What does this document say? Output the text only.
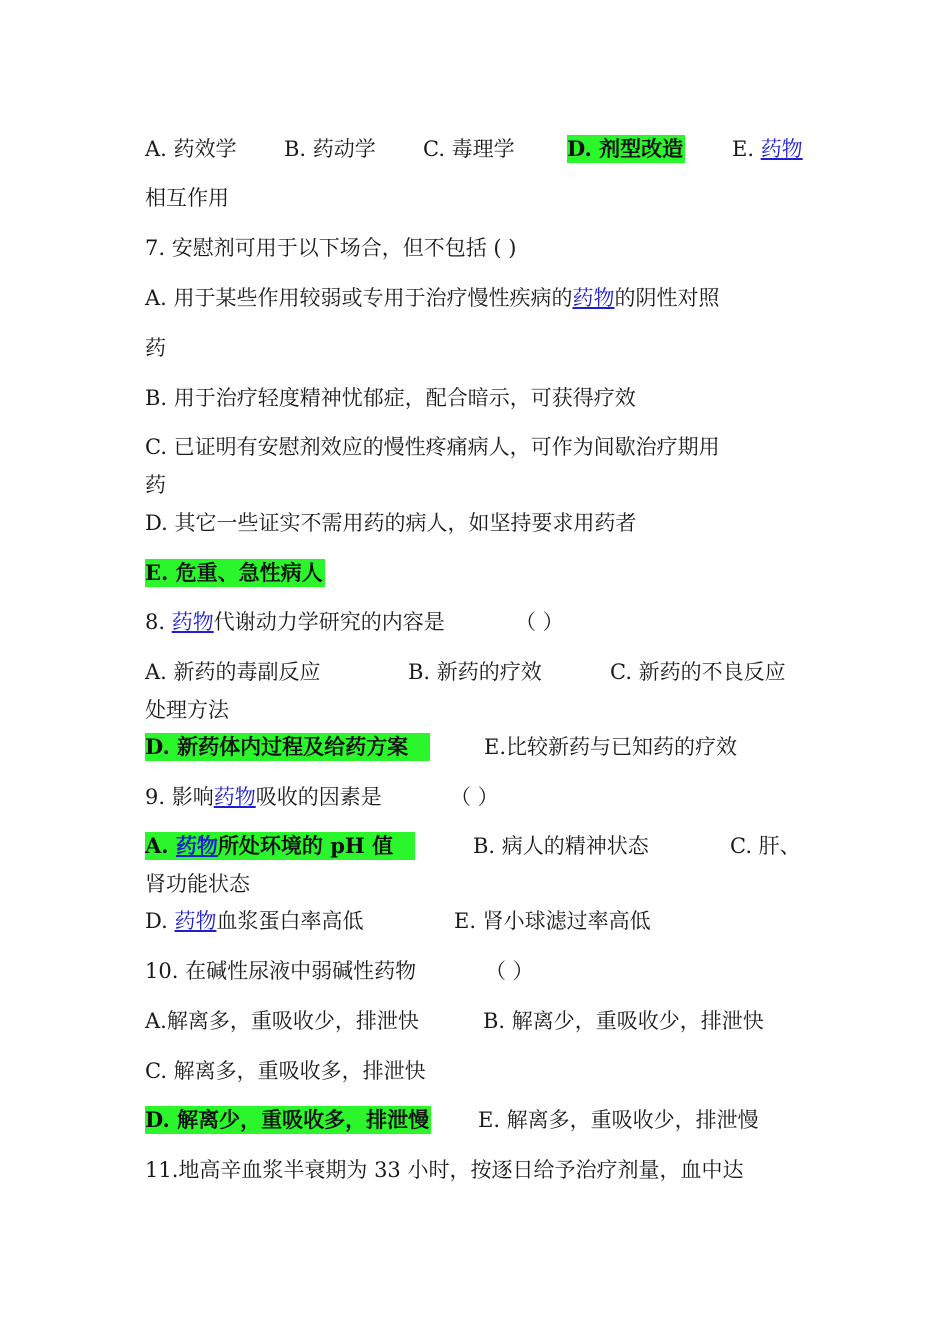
A. 药效学 B. 药动学 C. 毒理学 D. 剂型改造 E. 药物
相互作用
7. 安慰剂可用于以下场合，但不包括 ( )
A. 用于某些作用较弱或专用于治疗慢性疾病的药物的阴性对照
药
B. 用于治疗轻度精神忧郁症，配合暗示，可获得疗效
C. 已证明有安慰剂效应的慢性疼痛病人，可作为间歇治疗期用
药
D. 其它一些证实不需用药的病人，如坚持要求用药者
E. 危重、急性病人
8. 药物代谢动力学研究的内容是	（ ）
A. 新药的毒副反应	B. 新药的疗效	C. 新药的不良反应
处理方法
D. 新药体内过程及给药方案	E.比较新药与已知药的疗效
9. 影响药物吸收的因素是	（ ）
A. 药物所处环境的 pH 值	B. 病人的精神状态	C. 肝、
肾功能状态
D. 药物血浆蛋白率高低	E. 肾小球滤过率高低
10. 在碱性尿液中弱碱性药物	（ ）
A.解离多，重吸收少，排泄快	B. 解离少，重吸收少，排泄快
C. 解离多，重吸收多，排泄快
D. 解离少，重吸收多，排泄慢 E. 解离多，重吸收少，排泄慢
11.地高辛血浆半衰期为 33 小时，按逐日给予治疗剂量，血中达
